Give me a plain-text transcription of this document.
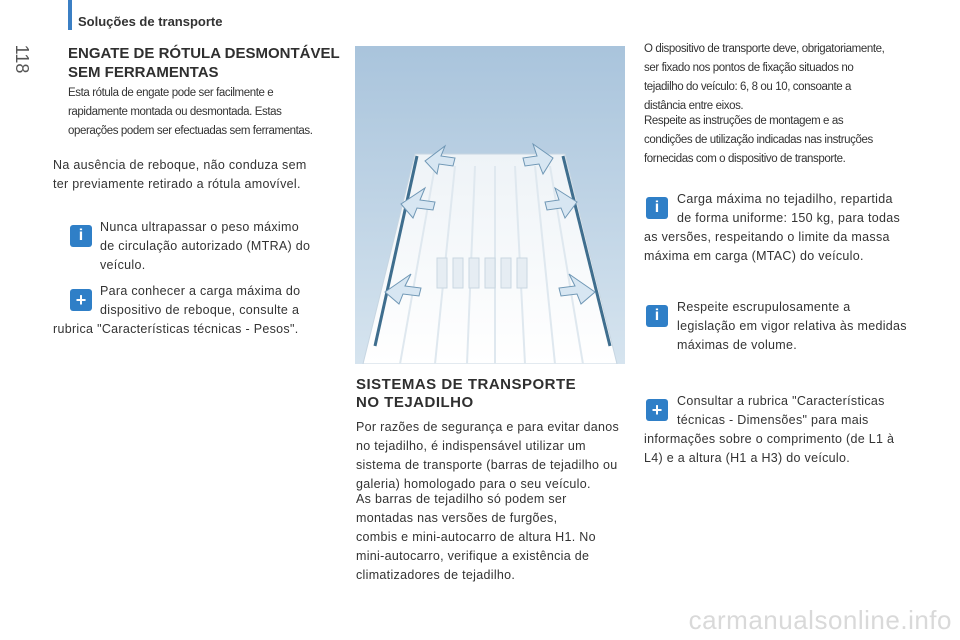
118
Soluções de transporte
ENGATE DE RÓTULA DESMONTÁVEL
SEM FERRAMENTAS
Esta rótula de engate pode ser facilmente e
rapidamente montada ou desmontada. Estas
operações podem ser efectuadas sem ferramentas.
Na ausência de reboque, não conduza sem
ter previamente retirado a rótula amovível.
i	Nunca ultrapassar o peso máximo
de circulação autorizado (MTRA) do
veículo.
+	Para conhecer a carga máxima do
dispositivo de reboque, consulte a
rubrica "Características técnicas - Pesos".
SISTEMAS DE TRANSPORTE
NO TEJADILHO
Por razões de segurança e para evitar danos
no tejadilho, é indispensável utilizar um
sistema de transporte (barras de tejadilho ou
galeria) homologado para o seu veículo.
As barras de tejadilho só podem ser
montadas nas versões de furgões,
combis e mini-autocarro de altura H1. No
mini-autocarro, verifique a existência de
climatizadores de tejadilho.
O dispositivo de transporte deve, obrigatoriamente,
ser fixado nos pontos de fixação situados no
tejadilho do veículo: 6, 8 ou 10, consoante a
distância entre eixos.
Respeite as instruções de montagem e as
condições de utilização indicadas nas instruções
fornecidas com o dispositivo de transporte.
i	Carga máxima no tejadilho, repartida
de forma uniforme: 150 kg, para todas
as versões, respeitando o limite da massa
máxima em carga (MTAC) do veículo.
i	Respeite escrupulosamente a
legislação em vigor relativa às medidas
máximas de volume.
+	Consultar a rubrica "Características
técnicas - Dimensões" para mais
informações sobre o comprimento (de L1 à
L4) e a altura (H1 a H3) do veículo.
carmanualsonline.info
